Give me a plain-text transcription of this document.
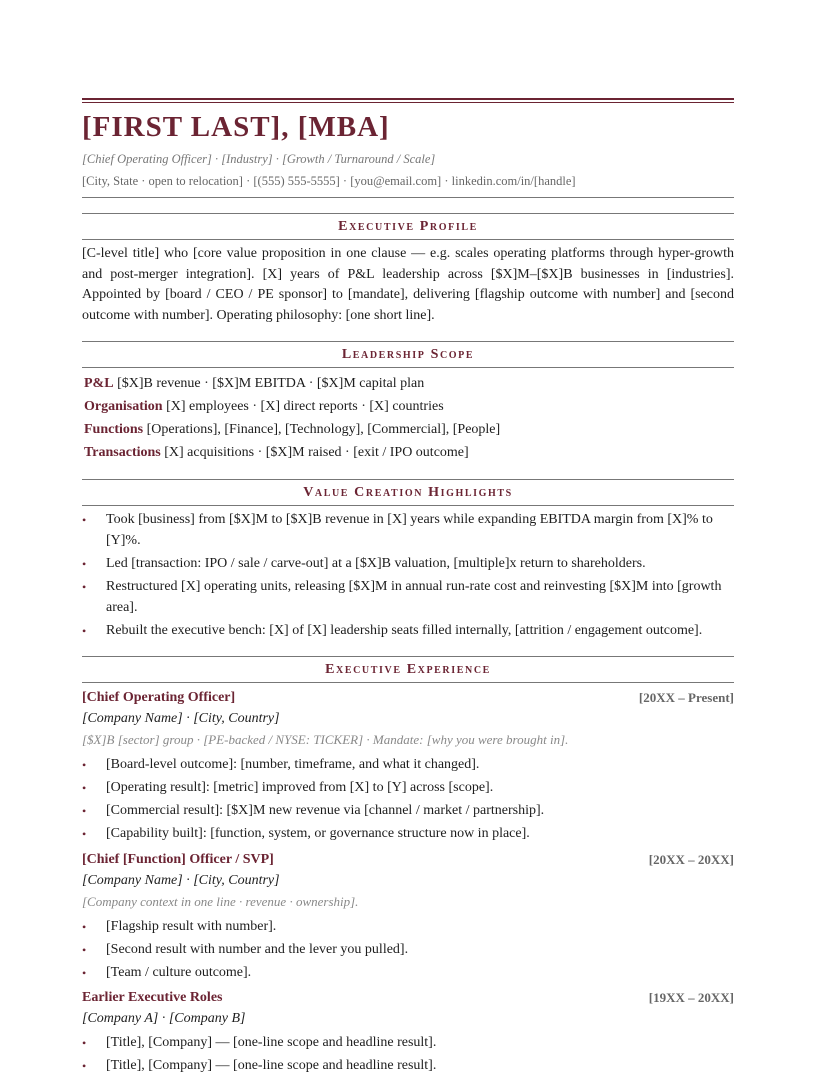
[FIRST LAST], [MBA]
[Chief Operating Officer] · [Industry] · [Growth / Turnaround / Scale]
[City, State · open to relocation] · [(555) 555-5555] · [you@email.com] · linkedin.com/in/[handle]
Executive Profile
[C-level title] who [core value proposition in one clause — e.g. scales operating platforms through hyper-growth and post-merger integration]. [X] years of P&L leadership across [$X]M–[$X]B businesses in [industries]. Appointed by [board / CEO / PE sponsor] to [mandate], delivering [flagship outcome with number] and [second outcome with number]. Operating philosophy: [one short line].
Leadership Scope
P&L [$X]B revenue · [$X]M EBITDA · [$X]M capital plan
Organisation [X] employees · [X] direct reports · [X] countries
Functions [Operations], [Finance], [Technology], [Commercial], [People]
Transactions [X] acquisitions · [$X]M raised · [exit / IPO outcome]
Value Creation Highlights
• Took [business] from [$X]M to [$X]B revenue in [X] years while expanding EBITDA margin from [X]% to [Y]%.
• Led [transaction: IPO / sale / carve-out] at a [$X]B valuation, [multiple]x return to shareholders.
• Restructured [X] operating units, releasing [$X]M in annual run-rate cost and reinvesting [$X]M into [growth area].
• Rebuilt the executive bench: [X] of [X] leadership seats filled internally, [attrition / engagement outcome].
Executive Experience
[Chief Operating Officer]	[20XX – Present]
[Company Name] · [City, Country]
[$X]B [sector] group · [PE-backed / NYSE: TICKER] · Mandate: [why you were brought in].
• [Board-level outcome]: [number, timeframe, and what it changed].
• [Operating result]: [metric] improved from [X] to [Y] across [scope].
• [Commercial result]: [$X]M new revenue via [channel / market / partnership].
• [Capability built]: [function, system, or governance structure now in place].
[Chief [Function] Officer / SVP]	[20XX – 20XX]
[Company Name] · [City, Country]
[Company context in one line · revenue · ownership].
• [Flagship result with number].
• [Second result with number and the lever you pulled].
• [Team / culture outcome].
Earlier Executive Roles	[19XX – 20XX]
[Company A] · [Company B]
• [Title], [Company] — [one-line scope and headline result].
• [Title], [Company] — [one-line scope and headline result].
